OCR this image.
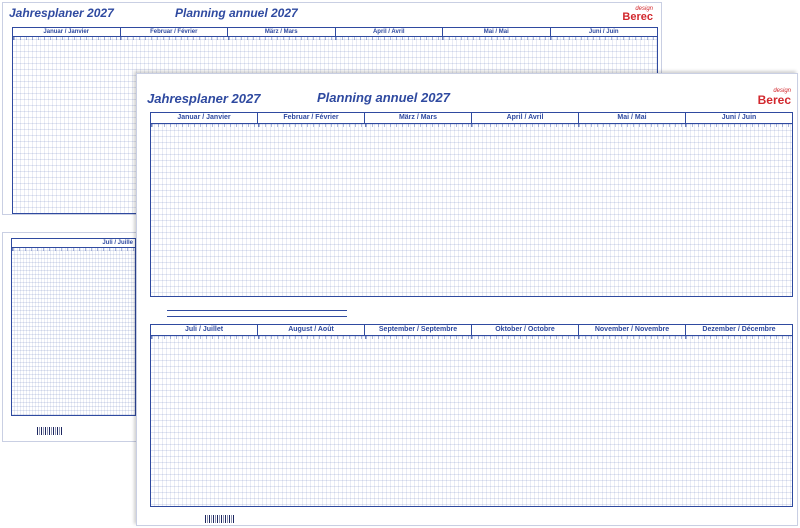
Jahresplaner 2027	Planning annuel 2027	design
Berec
Januar / Janvier	Februar / Février	März / Mars	April / Avril	Mai / Mai	Juni / Juin
Juli / Juille
Jahresplaner 2027	Planning annuel 2027	design
Berec
Januar / Janvier	Februar / Février	März / Mars	April / Avril	Mai / Mai	Juni / Juin
Juli / Juillet	August / Août	September / Septembre	Oktober / Octobre	November / Novembre	Dezember / Décembre
